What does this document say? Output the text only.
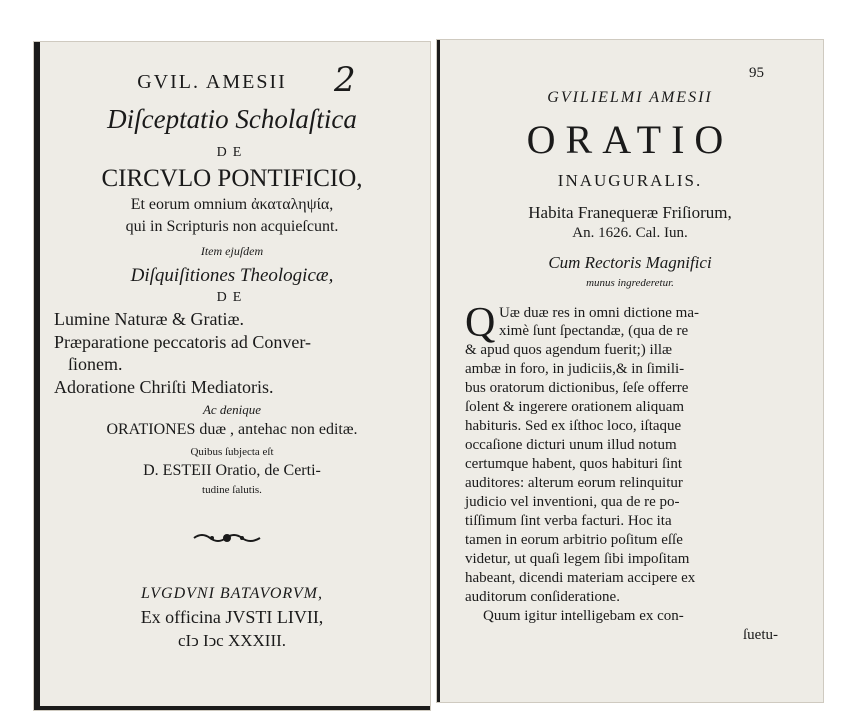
2
GVIL. AMESII
Diſceptatio Scholaſtica
DE
CIRCVLO PONTIFICIO,
Et eorum omnium ἀκαταληψία,
qui in Scripturis non acquieſcunt.
Item ejuſdem
Diſquiſitiones Theologicæ,
DE
Lumine Naturæ & Gratiæ.
Præparatione peccatoris ad Conver-
ſionem.
Adoratione Chriſti Mediatoris.
Ac denique
ORATIONES duæ , antehac non editæ.
Quibus ſubjecta eſt
D. ESTEII Oratio, de Certi-
tudine ſalutis.
LVGDVNI BATAVORVM,
Ex officina JVSTI LIVII,
cIↄ Iↄc XXXIII.
95
GVILIELMI AMESII
ORATIO
INAUGURALIS.
Habita Franequeræ Friſiorum,
An. 1626. Cal. Iun.
Cum Rectoris Magnifici
munus ingrederetur.
Q Uæ duæ res in omni dictione ma-
ximè ſunt ſpectandæ, (qua de re
& apud quos agendum fuerit;) illæ
ambæ in foro, in judiciis,& in ſimili-
bus oratorum dictionibus, ſeſe offerre
ſolent & ingerere orationem aliquam
habituris. Sed ex iſthoc loco, iſtaque
occaſione dicturi unum illud notum
certumque habent, quos habituri ſint
auditores: alterum eorum relinquitur
judicio vel inventioni, qua de re po-
tiſſimum ſint verba facturi. Hoc ita
tamen in eorum arbitrio poſitum eſſe
videtur, ut quaſi legem ſibi impoſitam
habeant, dicendi materiam accipere ex
auditorum conſideratione.
Quum igitur intelligebam ex con-
ſuetu-
